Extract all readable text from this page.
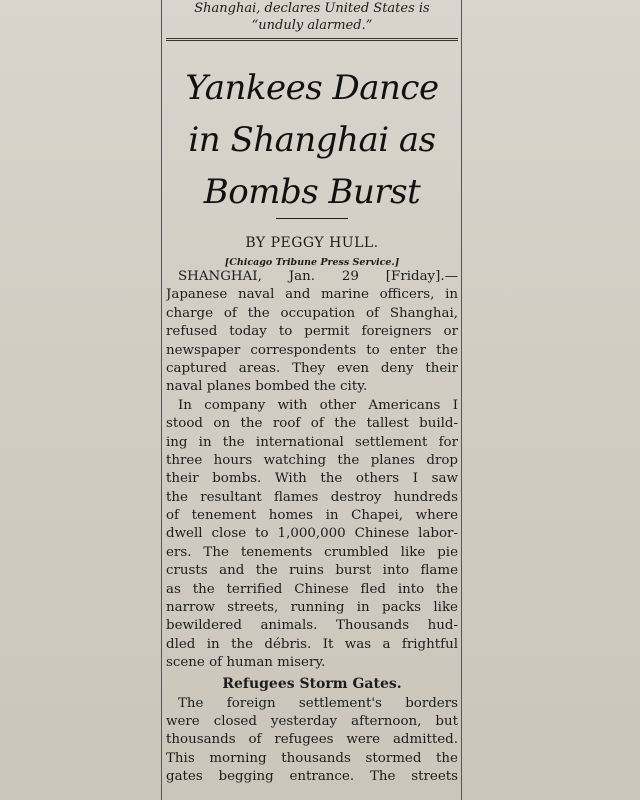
Shanghai, declares United States is
“unduly alarmed.”
Yankees Dance
in Shanghai as
Bombs Burst
BY PEGGY HULL.
[Chicago Tribune Press Service.]
SHANGHAI, Jan. 29 [Friday].—
Japanese naval and marine officers, in
charge of the occupation of Shanghai,
refused today to permit foreigners or
newspaper correspondents to enter the
captured areas. They even deny their
naval planes bombed the city.
In company with other Americans I
stood on the roof of the tallest build-
ing in the international settlement for
three hours watching the planes drop
their bombs. With the others I saw
the resultant flames destroy hundreds
of tenement homes in Chapei, where
dwell close to 1,000,000 Chinese labor-
ers. The tenements crumbled like pie
crusts and the ruins burst into flame
as the terrified Chinese fled into the
narrow streets, running in packs like
bewildered animals. Thousands hud-
dled in the débris. It was a frightful
scene of human misery.
Refugees Storm Gates.
The foreign settlement's borders
were closed yesterday afternoon, but
thousands of refugees were admitted.
This morning thousands stormed the
gates begging entrance. The streets
